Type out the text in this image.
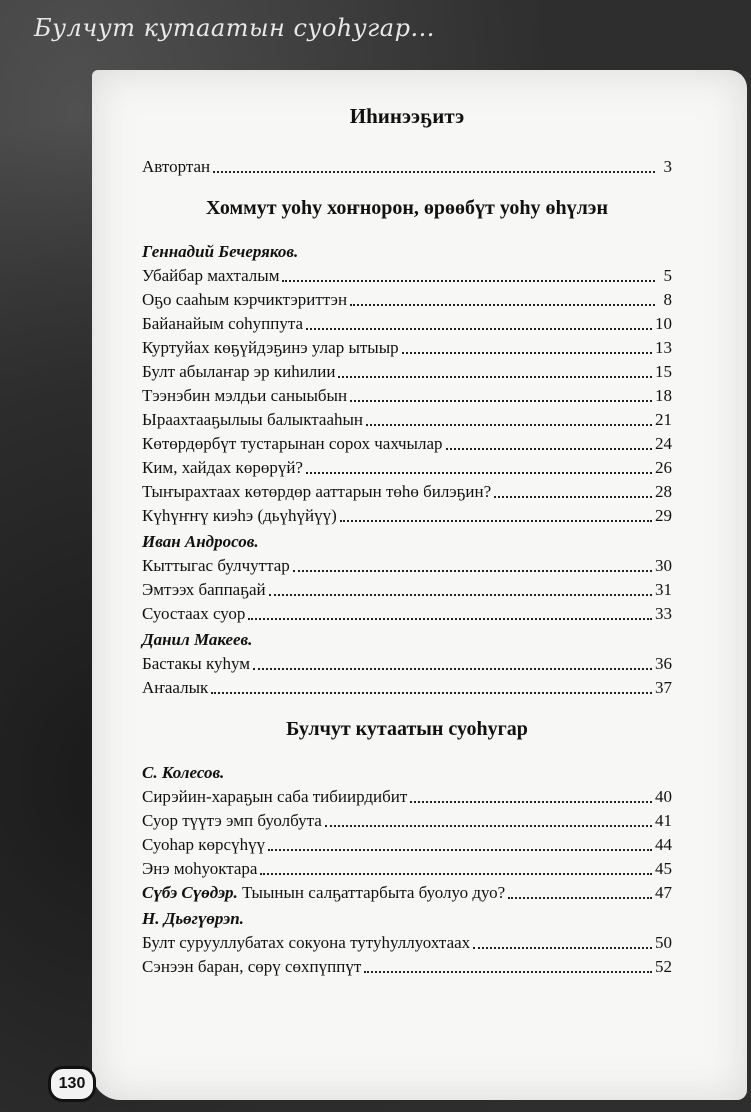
Булчут кутаатын суоһугар...
Иһинээҕитэ
Автортан	3
Хоммут уоһу хоҥнорон, өрөөбүт уоһу өһүлэн
Геннадий Бечеряков.
Убайбар махталым	5
Оҕо сааһым кэрчиктэриттэн	8
Байанайым соһуппута	10
Куртуйах көҕүйдэҕинэ улар ытыыр	13
Булт абылаҥар эр киһилии	15
Тээнэбин мэлдьи саныыбын	18
Ыраахтааҕылыы балыктааһын	21
Көтөрдөрбүт тустарынан сорох чахчылар	24
Ким, хайдах көрөрүй?	26
Тыҥырахтаах көтөрдөр ааттарын төһө билэҕин?	28
Күһүҥҥү киэһэ (дьүһүйүү)	29
Иван Андросов.
Кыттыгас булчуттар	30
Эмтээх баппаҕай	31
Суостаах суор	33
Данил Макеев.
Бастакы куһум	36
Аҥаалык	37
Булчут кутаатын суоһугар
С. Колесов.
Сирэйин-хараҕын саба тибиирдибит	40
Суор түүтэ эмп буолбута	41
Суоһар көрсүһүү	44
Энэ моһуоктара	45
Сүбэ Сүөдэр. Тыынын салҕаттарбыта буолуо дуо?	47
Н. Дьөгүөрэп.
Булт сурууллубатах сокуона тутуһуллуохтаах	50
Сэнээн баран, сөрү сөхпүппүт	52
130
